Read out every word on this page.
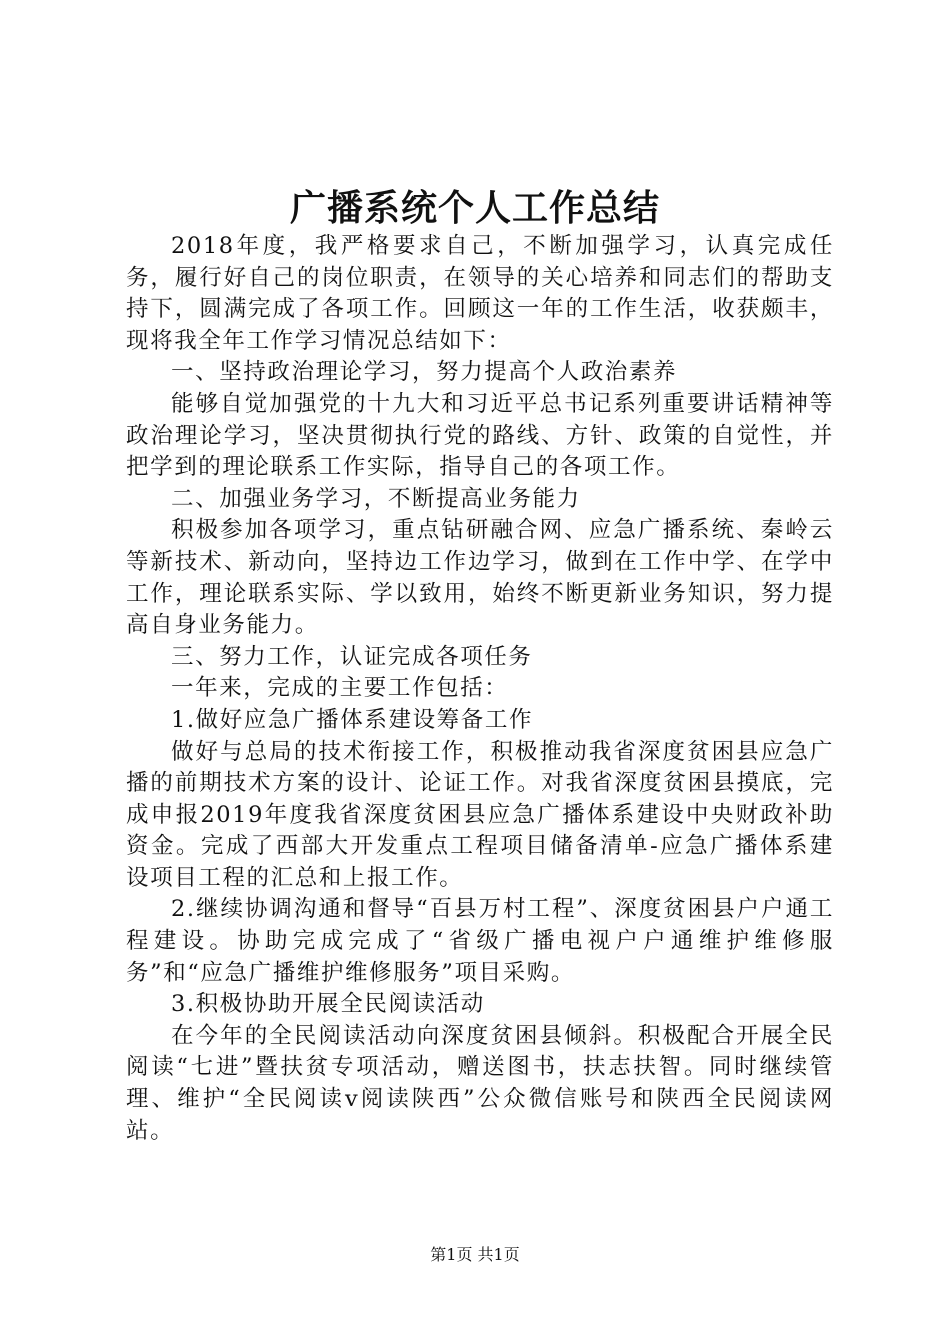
广播系统个人工作总结

2018年度，我严格要求自己，不断加强学习，认真完成任务，履行好自己的岗位职责，在领导的关心培养和同志们的帮助支持下，圆满完成了各项工作。回顾这一年的工作生活，收获颇丰，现将我全年工作学习情况总结如下：

一、坚持政治理论学习，努力提高个人政治素养

能够自觉加强党的十九大和习近平总书记系列重要讲话精神等政治理论学习，坚决贯彻执行党的路线、方针、政策的自觉性，并把学到的理论联系工作实际，指导自己的各项工作。

二、加强业务学习，不断提高业务能力

积极参加各项学习，重点钻研融合网、应急广播系统、秦岭云等新技术、新动向，坚持边工作边学习，做到在工作中学、在学中工作，理论联系实际、学以致用，始终不断更新业务知识，努力提高自身业务能力。

三、努力工作，认证完成各项任务

一年来，完成的主要工作包括：

1.做好应急广播体系建设筹备工作

做好与总局的技术衔接工作，积极推动我省深度贫困县应急广播的前期技术方案的设计、论证工作。对我省深度贫困县摸底，完成申报2019年度我省深度贫困县应急广播体系建设中央财政补助资金。完成了西部大开发重点工程项目储备清单-应急广播体系建设项目工程的汇总和上报工作。

2.继续协调沟通和督导“百县万村工程”、深度贫困县户户通工程建设。协助完成完成了“省级广播电视户户通维护维修服务”和“应急广播维护维修服务”项目采购。

3.积极协助开展全民阅读活动

在今年的全民阅读活动向深度贫困县倾斜。积极配合开展全民阅读“七进”暨扶贫专项活动，赠送图书，扶志扶智。同时继续管理、维护“全民阅读v阅读陕西”公众微信账号和陕西全民阅读网站。

第1页 共1页
